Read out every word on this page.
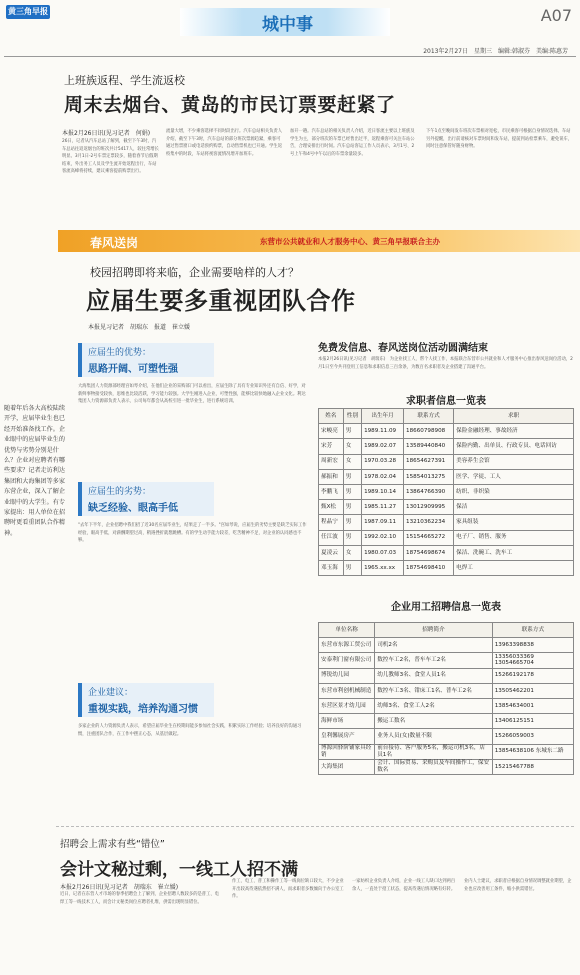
黄三角早报
城中事	A07
2013年2月27日　星期三　编辑:韩淑芬　美编:陈惠芳
上班族返程、学生流返校
周末去烟台、黄岛的市民订票要赶紧了
本报2月26日讯(见习记者　何娟)
26日，记者从汽车总站了解到，截至下午3时，汽车总站往返返烟台的班次共计5417人，较往常增长明显。3月1日-2号车票定票较多，随着春节后假期结束，外出务工人员及学生流开始返程出行，车站客流高峰将持续，建议乘客提前购票出行。
流量大增，不少乘客选择不同时段出行。汽车总站相关负责人介绍，截至下午3时，汽车总站的部分班次票源趋紧，乘客可通过售票窗口或电话预约购票，自动售票机也已开通。学生返校集中的时段，车站将视客流情况增开加班车。
加开一趟。汽车总站的相关负责人介绍，近日客流主要以上班族及学生为主，部分班次的车票已经售出过半，返程乘客可关注车站公告，合理安排出行时间。汽车总站客运工作人员表示，3月1号、2号上午和4号中午以后的车票余量较多。
下午1点至晚间发车班次车票相对宽松，市民乘客可根据自身情况选择。车站另外提醒，出行前请核对车票时间和发车站，提前到站检票乘车，避免误车，同时注意保管好随身财物。
春风送岗	东营市公共就业和人才服务中心、黄三角早报联合主办
校园招聘即将来临，企业需要啥样的人才？
应届生要多重视团队合作
本报见习记者　胡瑞东　报道　崔立媛
应届生的优势：
思路开阔、可塑性强
大海集团人力资源部经理宫如琴介绍，在他们企业的采购部门可以看出，应届生除了具有专业知识外还有自信、好学，对新鲜事物接受较快，思维也比较活跃，学习能力较强。大学生刚进入企业，可塑性强，能够比较快地融入企业文化。利达集团人力资源部负责人表示，公司每年都会从高校引进一批毕业生，进行系统培训。
应届生的劣势：
缺乏经验、眼高手低
"去年下半年，企业招聘中我们招了近30名应届毕业生，结果走了一半多。"宫如琴说，应届生的劣势主要是缺乏实际工作经验，眼高手低，对薪酬期望过高，稍遇挫折就想跳槽。有的学生动手能力较差，吃苦精神不足，对企业的认同感也不够。
企业建议：
重视实践，培养沟通习惯
多家企业的人力资源负责人表示，希望应届毕业生在校期间能多参加社会实践，积累实际工作经验；培养良好的沟通习惯，注重团队合作，在工作中摆正心态，从基层做起。
随着年后各大高校陆续开学，应届毕业生也已经开始准备找工作。企业眼中的应届毕业生的优势与劣势分别是什么？企业对应聘者有哪些要求？记者走访利达集团和大海集团等多家东营企业，深入了解企业眼中的大学生。有专家提出：用人单位在招聘时更看重团队合作精神。
免费发信息、春风送岗位活动圆满结束
本报2月26日讯(见习记者　胡瑞东)　为企业找工人、帮个人找工作，本报联合东营市公共就业和人才服务中心推出春风送岗位活动，2月1日至今共刊登用工信息和求职信息三百余条，为数百名求职者及企业搭建了沟通平台。
求职者信息一览表
姓名	性别	出生年月	联系方式	求职
宋峻亮	男	1989.11.09	18660798908	保险金融经理、事故经济
宋芳	女	1989.02.07	13589440840	保险内勤、出单员、行政专员、电话回访
周新宏	女	1970.03.28	18654627391	美容养生会馆
郝振和	男	1978.02.04	15854013275	医学、学徒、工人
李鹏飞	男	1989.10.14	13864766390	纺织、非织染
甄X松	男	1985.11.27	13012909995	保洁
程晶宁	男	1987.09.11	13210362234	家具组装
任江波	男	1992.02.10	15154665272	电子厂、销售、服务
夏凌云	女	1980.07.03	18754698674	保洁、洗碗工、洗车工
邓玉海	男	1965.xx.xx	18754698410	电焊工
企业用工招聘信息一览表
单位名称	招聘简介	联系方式
东营市东源工贸公司	司机2名	13963398838
安泰利门窗有限公司	数控车工2名，普车车工2名	13356033369 13054665704
博锐幼儿园	幼儿教师3名、食堂人员1名	15266192178
东营市利创机械制造	数控车工3名、钳床工1名、普车工2名	13505462201
东营区景才幼儿园	幼师3名、食堂工人2名	13854634001
海鲜市场	搬运工数名	13406125151
皇利馨展房产	业务人员(女)数量不限	15266059003
博源回驿阶铺家具经销	前台接待、客户服务5名，搬运司机3名，店员1名	13854638106 东城东二路
大海集团	会计、国际贸易、采购员及车间操作工，保安数名	15215467788
招聘会上需求有些“错位”
会计文秘过剩，一线工人招不满
本报2月26日讯(见习记者　胡瑞东　崔立媛)
近日，记者在东营人才市场的春季招聘会上了解到，企业招聘人数较多的是普工、电焊工等一线技术工人，而会计文秘类岗位应聘者扎堆，供需出现明显错位。
作工、电工、普工和操作工等一线岗位缺口较大，不少企业开出较高待遇依然招不满人，而求职者多数倾向于办公室工作。
一家纺织企业负责人介绍，企业一线工人缺口达到两百余人，一直处于招工状态，提高待遇后情况略有好转。
业内人士建议，求职者应根据自身情况调整就业期望，企业也应改善用工条件，缩小供需错位。
